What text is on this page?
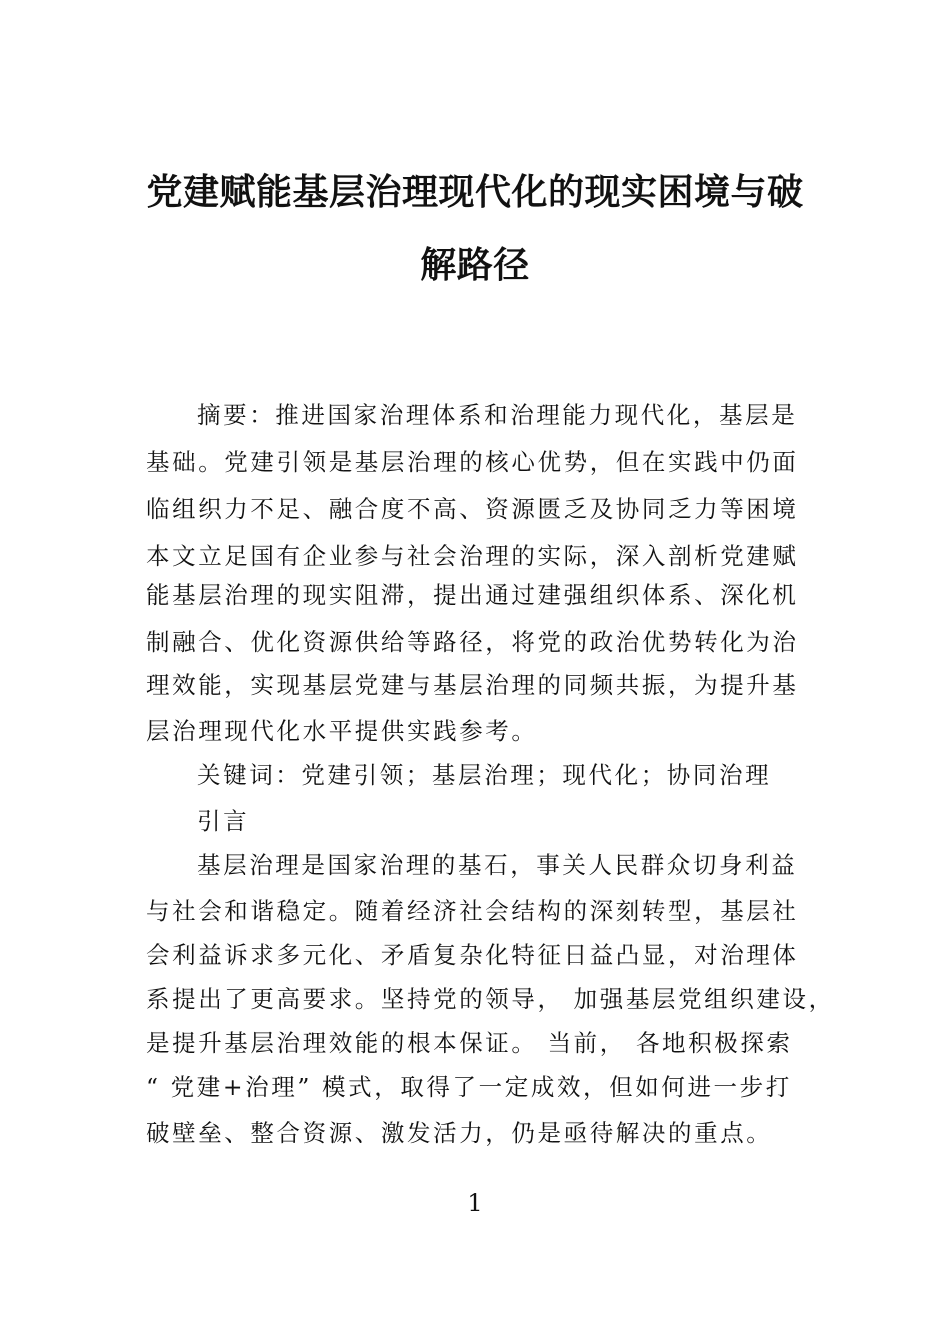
党建赋能基层治理现代化的现实困境与破
解路径
摘要：推进国家治理体系和治理能力现代化，基层是
基础。党建引领是基层治理的核心优势，但在实践中仍面
临组织力不足、融合度不高、资源匮乏及协同乏力等困境
本文立足国有企业参与社会治理的实际，深入剖析党建赋
能基层治理的现实阻滞，提出通过建强组织体系、深化机
制融合、优化资源供给等路径，将党的政治优势转化为治
理效能，实现基层党建与基层治理的同频共振，为提升基
层治理现代化水平提供实践参考。
关键词：党建引领；基层治理；现代化；协同治理
引言
基层治理是国家治理的基石，事关人民群众切身利益
与社会和谐稳定。随着经济社会结构的深刻转型，基层社
会利益诉求多元化、矛盾复杂化特征日益凸显，对治理体
系提出了更高要求。坚持党的领导， 加强基层党组织建设，
是提升基层治理效能的根本保证。 当前， 各地积极探索
“ 党建+治理” 模式，取得了一定成效，但如何进一步打
破壁垒、整合资源、激发活力，仍是亟待解决的重点。
1
